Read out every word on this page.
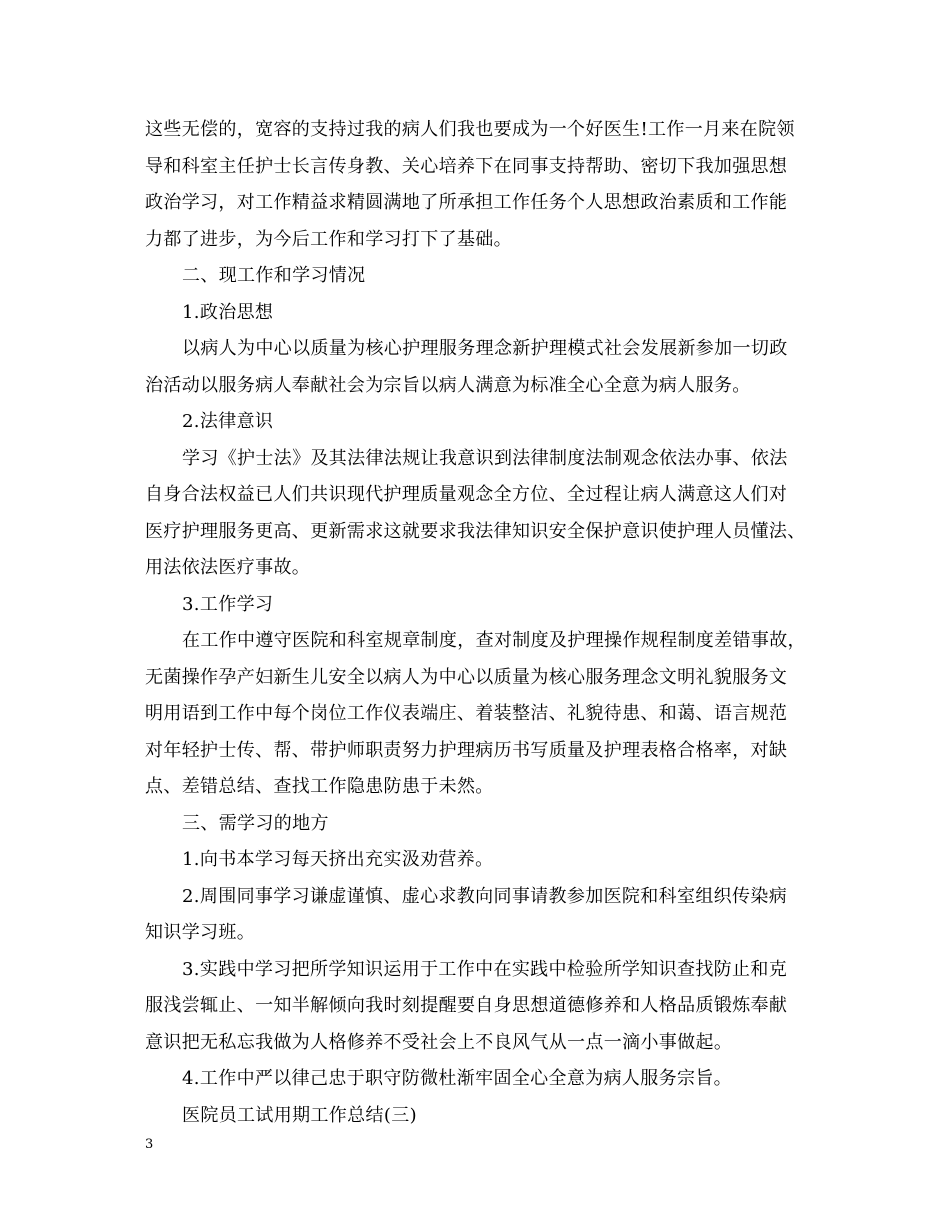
这些无偿的，宽容的支持过我的病人们我也要成为一个好医生!工作一月来在院领
导和科室主任护士长言传身教、关心培养下在同事支持帮助、密切下我加强思想
政治学习，对工作精益求精圆满地了所承担工作任务个人思想政治素质和工作能
力都了进步，为今后工作和学习打下了基础。
二、现工作和学习情况
1.政治思想
以病人为中心以质量为核心护理服务理念新护理模式社会发展新参加一切政
治活动以服务病人奉献社会为宗旨以病人满意为标准全心全意为病人服务。
2.法律意识
学习《护士法》及其法律法规让我意识到法律制度法制观念依法办事、依法
自身合法权益已人们共识现代护理质量观念全方位、全过程让病人满意这人们对
医疗护理服务更高、更新需求这就要求我法律知识安全保护意识使护理人员懂法、
用法依法医疗事故。
3.工作学习
在工作中遵守医院和科室规章制度，查对制度及护理操作规程制度差错事故，
无菌操作孕产妇新生儿安全以病人为中心以质量为核心服务理念文明礼貌服务文
明用语到工作中每个岗位工作仪表端庄、着装整洁、礼貌待患、和蔼、语言规范
对年轻护士传、帮、带护师职责努力护理病历书写质量及护理表格合格率，对缺
点、差错总结、查找工作隐患防患于未然。
三、需学习的地方
1.向书本学习每天挤出充实汲劝营养。
2.周围同事学习谦虚谨慎、虚心求教向同事请教参加医院和科室组织传染病
知识学习班。
3.实践中学习把所学知识运用于工作中在实践中检验所学知识查找防止和克
服浅尝辄止、一知半解倾向我时刻提醒要自身思想道德修养和人格品质锻炼奉献
意识把无私忘我做为人格修养不受社会上不良风气从一点一滴小事做起。
4.工作中严以律己忠于职守防微杜渐牢固全心全意为病人服务宗旨。
医院员工试用期工作总结(三)
3
